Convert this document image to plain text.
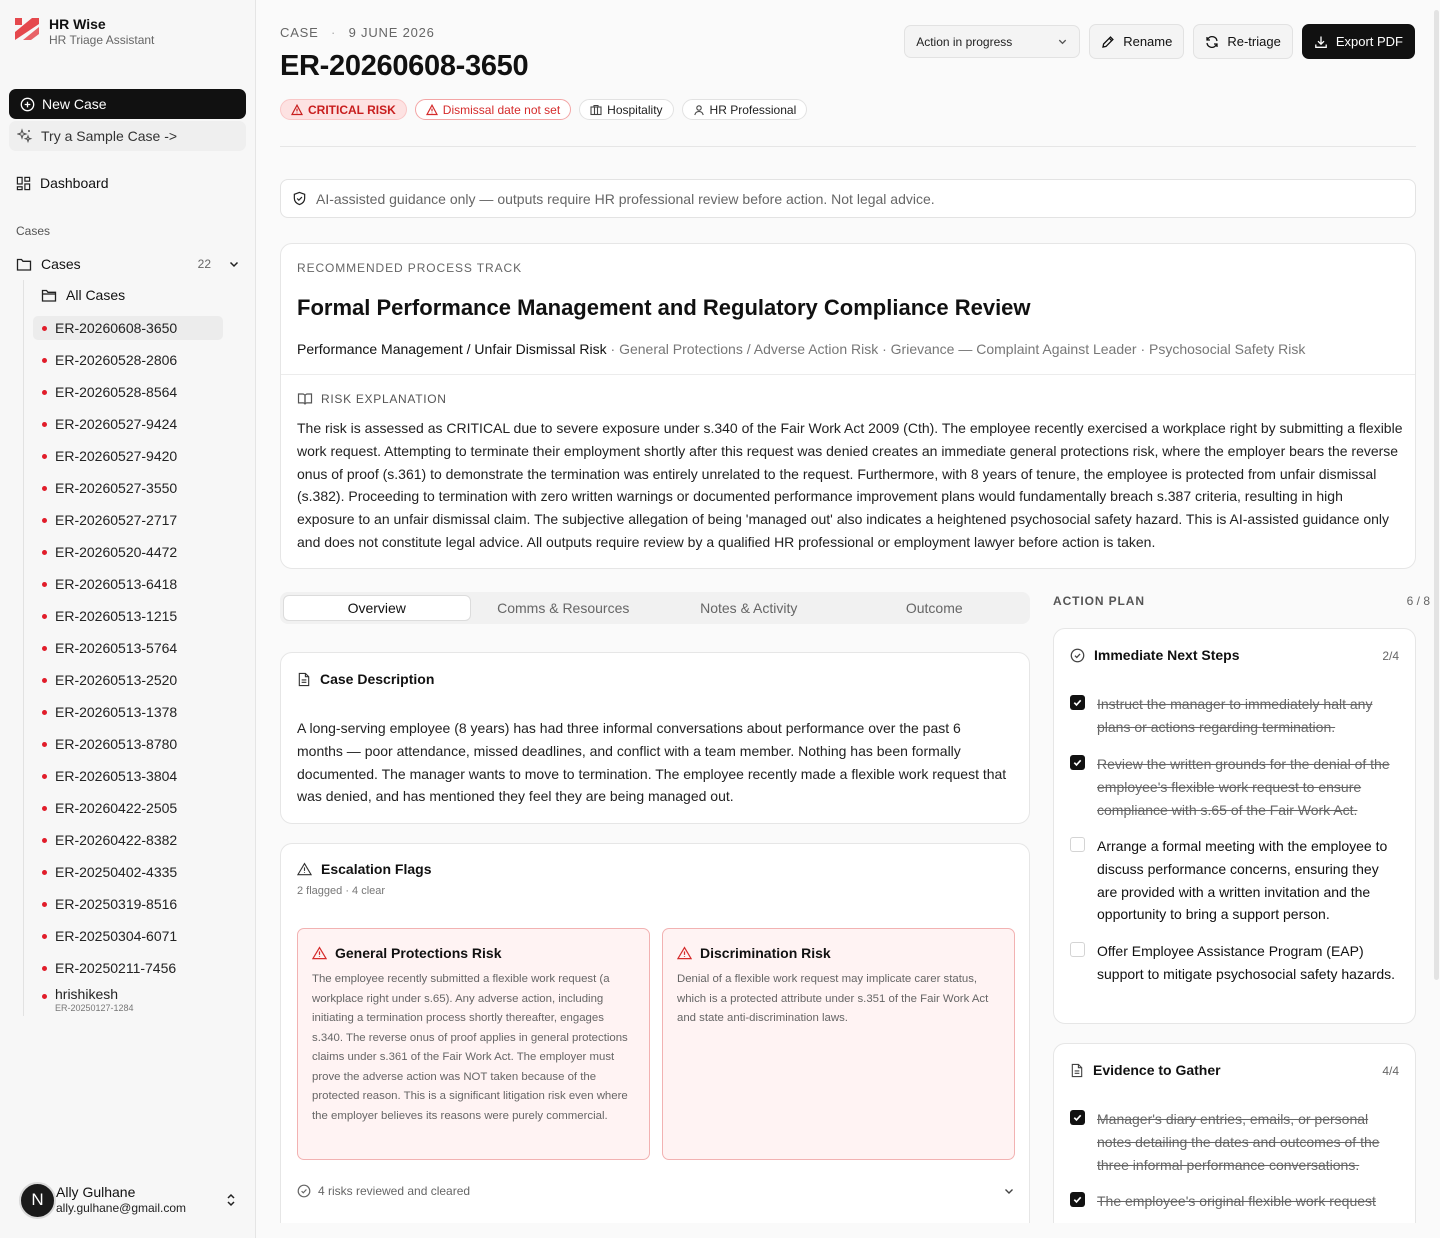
HR Wise
HR Triage Assistant
New Case
Try a Sample Case ->
Dashboard
Cases
Cases	22
All Cases
ER-20260608-3650
ER-20260528-2806
ER-20260528-8564
ER-20260527-9424
ER-20260527-9420
ER-20260527-3550
ER-20260527-2717
ER-20260520-4472
ER-20260513-6418
ER-20260513-1215
ER-20260513-5764
ER-20260513-2520
ER-20260513-1378
ER-20260513-8780
ER-20260513-3804
ER-20260422-2505
ER-20260422-8382
ER-20250402-4335
ER-20250319-8516
ER-20250304-6071
ER-20250211-7456
hrishikesh
ER-20250127-1284
N Ally Gulhane
ally.gulhane@gmail.com
CASE · 9 JUNE 2026
ER-20260608-3650
CRITICAL RISK	Dismissal date not set	Hospitality	HR Professional
Action in progress	Rename	Re-triage	Export PDF
AI-assisted guidance only — outputs require HR professional review before action. Not legal advice.
RECOMMENDED PROCESS TRACK
Formal Performance Management and Regulatory Compliance Review
Performance Management / Unfair Dismissal Risk · General Protections / Adverse Action Risk · Grievance — Complaint Against Leader · Psychosocial Safety Risk
RISK EXPLANATION

The risk is assessed as CRITICAL due to severe exposure under s.340 of the Fair Work Act 2009 (Cth). The employee recently exercised a workplace right by submitting a flexible work request. Attempting to terminate their employment shortly after this request was denied creates an immediate general protections risk, where the employer bears the reverse onus of proof (s.361) to demonstrate the termination was entirely unrelated to the request. Furthermore, with 8 years of tenure, the employee is protected from unfair dismissal (s.382). Proceeding to termination with zero written warnings or documented performance improvement plans would fundamentally breach s.387 criteria, resulting in high exposure to an unfair dismissal claim. The subjective allegation of being 'managed out' also indicates a heightened psychosocial safety hazard. This is AI-assisted guidance only and does not constitute legal advice. All outputs require review by a qualified HR professional or employment lawyer before action is taken.

Overview	Comms & Resources	Notes & Activity	Outcome
Case Description

A long-serving employee (8 years) has had three informal conversations about performance over the past 6 months — poor attendance, missed deadlines, and conflict with a team member. Nothing has been formally documented. The manager wants to move to termination. The employee recently made a flexible work request that was denied, and has mentioned they feel they are being managed out.

Escalation Flags
2 flagged · 4 clear
General Protections Risk

The employee recently submitted a flexible work request (a workplace right under s.65). Any adverse action, including initiating a termination process shortly thereafter, engages s.340. The reverse onus of proof applies in general protections claims under s.361 of the Fair Work Act. The employer must prove the adverse action was NOT taken because of the protected reason. This is a significant litigation risk even where the employer believes its reasons were purely commercial.

Discrimination Risk

Denial of a flexible work request may implicate carer status, which is a protected attribute under s.351 of the Fair Work Act and state anti-discrimination laws.

4 risks reviewed and cleared
ACTION PLAN	6 / 8
Immediate Next Steps	2/4
Instruct the manager to immediately halt any plans or actions regarding termination.
Review the written grounds for the denial of the employee's flexible work request to ensure compliance with s.65 of the Fair Work Act.
Arrange a formal meeting with the employee to discuss performance concerns, ensuring they are provided with a written invitation and the opportunity to bring a support person.
Offer Employee Assistance Program (EAP) support to mitigate psychosocial safety hazards.
Evidence to Gather	4/4
Manager's diary entries, emails, or personal notes detailing the dates and outcomes of the three informal performance conversations.
The employee's original flexible work request
